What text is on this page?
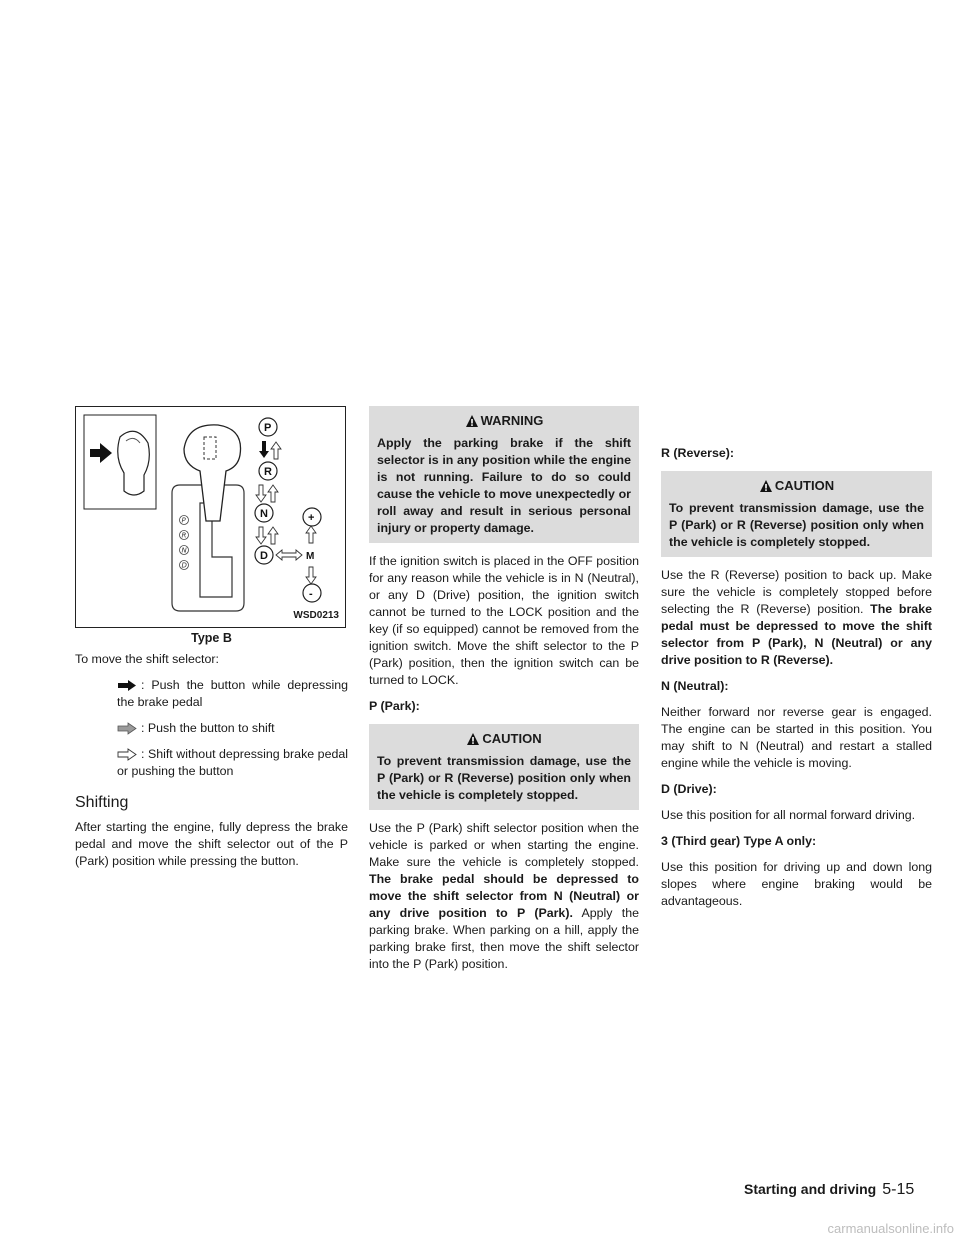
P
R
N
D
P
R
N
D
+
-
M
WSD0213
Type B

To move the shift selector:

: Push the button while depressing the brake pedal
: Push the button to shift
: Shift without depressing brake pedal or pushing the button
Shifting

After starting the engine, fully depress the brake pedal and move the shift selector out of the P (Park) position while pressing the button.

WARNING
Apply the parking brake if the shift selector is in any position while the engine is not running. Failure to do so could cause the vehicle to move unexpectedly or roll away and result in serious personal injury or property damage.

If the ignition switch is placed in the OFF position for any reason while the vehicle is in N (Neutral), or any D (Drive) position, the ignition switch cannot be turned to the LOCK position and the key (if so equipped) cannot be removed from the ignition switch. Move the shift selector to the P (Park) position, then the ignition switch can be turned to LOCK.

P (Park):
CAUTION
To prevent transmission damage, use the P (Park) or R (Reverse) position only when the vehicle is completely stopped.

Use the P (Park) shift selector position when the vehicle is parked or when starting the engine. Make sure the vehicle is completely stopped. The brake pedal should be depressed to move the shift selector from N (Neutral) or any drive position to P (Park). Apply the parking brake. When parking on a hill, apply the parking brake first, then move the shift selector into the P (Park) position.

R (Reverse):
CAUTION
To prevent transmission damage, use the P (Park) or R (Reverse) position only when the vehicle is completely stopped.

Use the R (Reverse) position to back up. Make sure the vehicle is completely stopped before selecting the R (Reverse) position. The brake pedal must be depressed to move the shift selector from P (Park), N (Neutral) or any drive position to R (Reverse).

N (Neutral):

Neither forward nor reverse gear is engaged. The engine can be started in this position. You may shift to N (Neutral) and restart a stalled engine while the vehicle is moving.

D (Drive):

Use this position for all normal forward driving.

3 (Third gear) Type A only:

Use this position for driving up and down long slopes where engine braking would be advantageous.

Starting and driving 5-15
carmanualsonline.info
